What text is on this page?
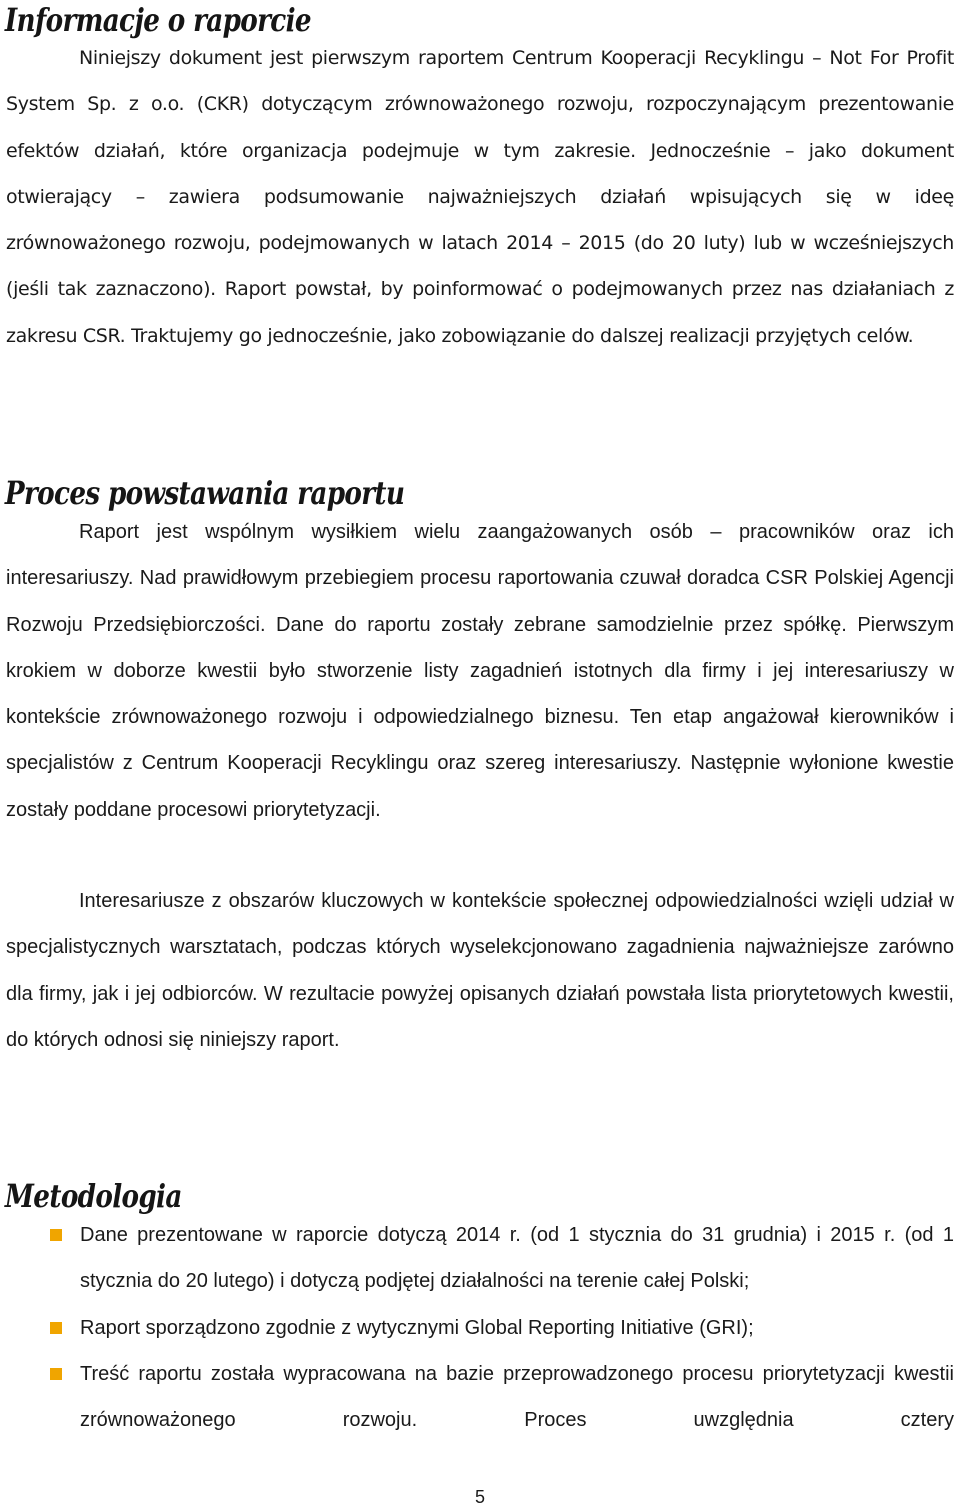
Informacje o raporcie

Niniejszy dokument jest pierwszym raportem Centrum Kooperacji Recyklingu – Not For Profit System Sp. z o.o. (CKR) dotyczącym zrównoważonego rozwoju, rozpoczynającym prezentowanie efektów działań, które organizacja podejmuje w tym zakresie. Jednocześnie – jako dokument otwierający – zawiera podsumowanie najważniejszych działań wpisujących się w ideę zrównoważonego rozwoju, podejmowanych w latach 2014 – 2015 (do 20 luty) lub w wcześniejszych (jeśli tak zaznaczono). Raport powstał, by poinformować o podejmowanych przez nas działaniach z zakresu CSR. Traktujemy go jednocześnie, jako zobowiązanie do dalszej realizacji przyjętych celów.

Proces powstawania raportu

Raport jest wspólnym wysiłkiem wielu zaangażowanych osób – pracowników oraz ich interesariuszy. Nad prawidłowym przebiegiem procesu raportowania czuwał doradca CSR Polskiej Agencji Rozwoju Przedsiębiorczości. Dane do raportu zostały zebrane samodzielnie przez spółkę. Pierwszym krokiem w doborze kwestii było stworzenie listy zagadnień istotnych dla firmy i jej interesariuszy w kontekście zrównoważonego rozwoju i odpowiedzialnego biznesu. Ten etap angażował kierowników i specjalistów z Centrum Kooperacji Recyklingu oraz szereg interesariuszy. Następnie wyłonione kwestie zostały poddane procesowi priorytetyzacji.

Interesariusze z obszarów kluczowych w kontekście społecznej odpowiedzialności wzięli udział w specjalistycznych warsztatach, podczas których wyselekcjonowano zagadnienia najważniejsze zarówno dla firmy, jak i jej odbiorców. W rezultacie powyżej opisanych działań powstała lista priorytetowych kwestii, do których odnosi się niniejszy raport.

Metodologia
Dane prezentowane w raporcie dotyczą 2014 r. (od 1 stycznia do 31 grudnia) i 2015 r. (od 1 stycznia do 20 lutego) i dotyczą podjętej działalności na terenie całej Polski;
Raport sporządzono zgodnie z wytycznymi Global Reporting Initiative (GRI);
Treść raportu została wypracowana na bazie przeprowadzonego procesu priorytetyzacji kwestii zrównoważonego rozwoju. Proces uwzględnia cztery
5
